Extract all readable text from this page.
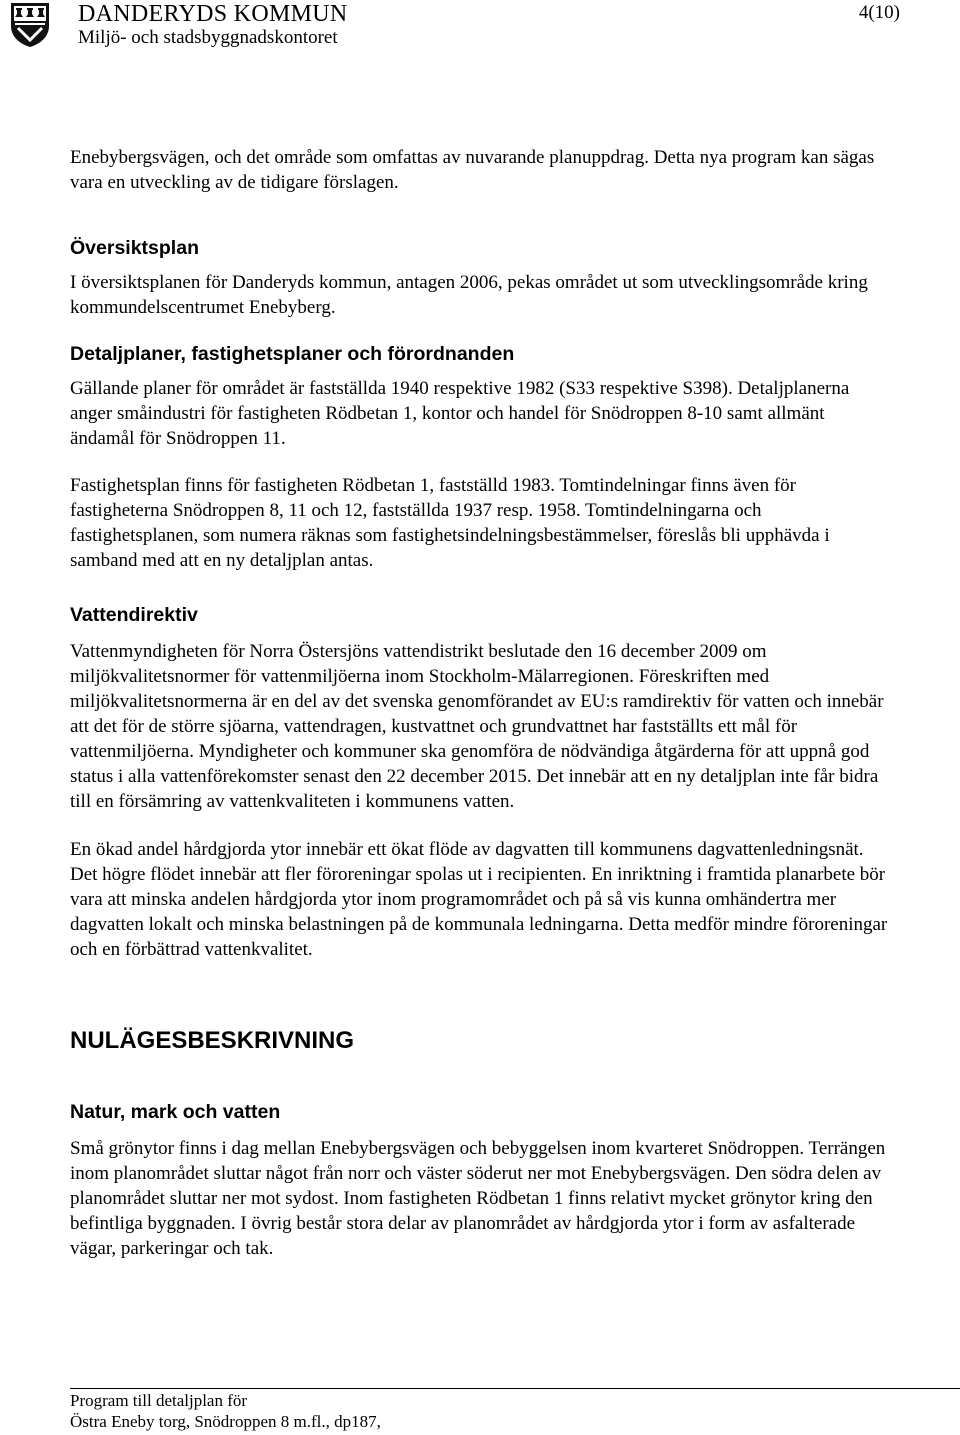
DANDERYDS KOMMUN
Miljö- och stadsbyggnadskontoret
4(10)

Enebybergsvägen, och det område som omfattas av nuvarande planuppdrag. Detta nya program kan sägas vara en utveckling av de tidigare förslagen.

Översiktsplan

I översiktsplanen för Danderyds kommun, antagen 2006, pekas området ut som utvecklingsområde kring kommundelscentrumet Enebyberg.

Detaljplaner, fastighetsplaner och förordnanden

Gällande planer för området är fastställda 1940 respektive 1982 (S33 respektive S398). Detaljplanerna anger småindustri för fastigheten Rödbetan 1, kontor och handel för Snödroppen 8-10 samt allmänt ändamål för Snödroppen 11.

Fastighetsplan finns för fastigheten Rödbetan 1, fastställd 1983. Tomtindelningar finns även för fastigheterna Snödroppen 8, 11 och 12, fastställda 1937 resp. 1958. Tomtindelningarna och fastighetsplanen, som numera räknas som fastighetsindelningsbestämmelser, föreslås bli upphävda i samband med att en ny detaljplan antas.

Vattendirektiv

Vattenmyndigheten för Norra Östersjöns vattendistrikt beslutade den 16 december 2009 om miljökvalitetsnormer för vattenmiljöerna inom Stockholm-Mälarregionen. Föreskriften med miljökvalitetsnormerna är en del av det svenska genomförandet av EU:s ramdirektiv för vatten och innebär att det för de större sjöarna, vattendragen, kustvattnet och grundvattnet har fastställts ett mål för vattenmiljöerna. Myndigheter och kommuner ska genomföra de nödvändiga åtgärderna för att uppnå god status i alla vattenförekomster senast den 22 december 2015. Det innebär att en ny detaljplan inte får bidra till en försämring av vattenkvaliteten i kommunens vatten.

En ökad andel hårdgjorda ytor innebär ett ökat flöde av dagvatten till kommunens dagvattenledningsnät. Det högre flödet innebär att fler föroreningar spolas ut i recipienten. En inriktning i framtida planarbete bör vara att minska andelen hårdgjorda ytor inom programområdet och på så vis kunna omhändertra mer dagvatten lokalt och minska belastningen på de kommunala ledningarna. Detta medför mindre föroreningar och en förbättrad vattenkvalitet.

NULÄGESBESKRIVNING
Natur, mark och vatten

Små grönytor finns i dag mellan Enebybergsvägen och bebyggelsen inom kvarteret Snödroppen. Terrängen inom planområdet sluttar något från norr och väster söderut ner mot Enebybergsvägen. Den södra delen av planområdet sluttar ner mot sydost. Inom fastigheten Rödbetan 1 finns relativt mycket grönytor kring den befintliga byggnaden. I övrig består stora delar av planområdet av hårdgjorda ytor i form av asfalterade vägar, parkeringar och tak.

Program till detaljplan för
Östra Eneby torg, Snödroppen 8 m.fl., dp187,
